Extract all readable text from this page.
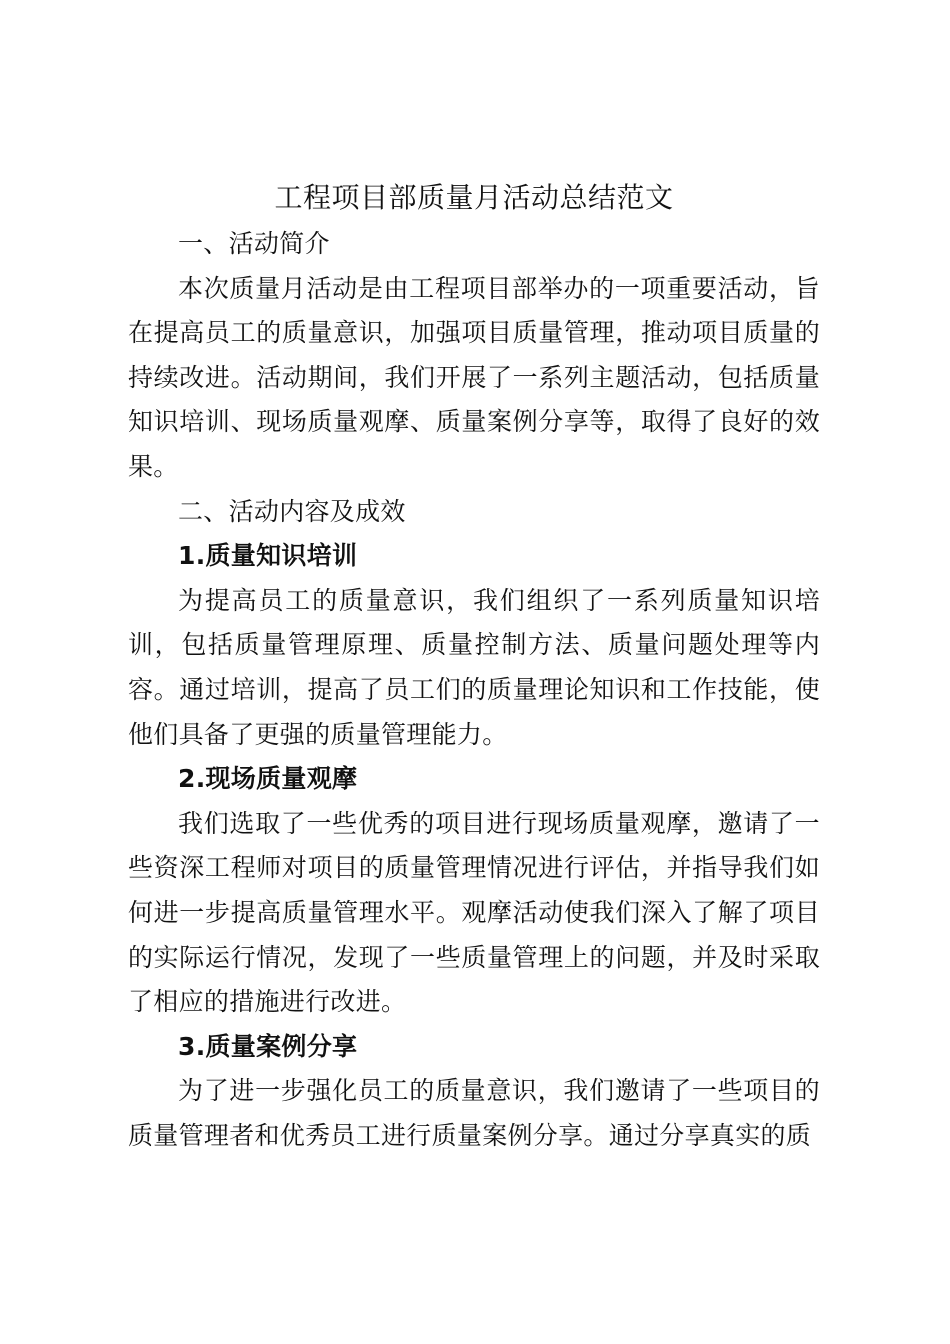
工程项目部质量月活动总结范文

一、活动简介

本次质量月活动是由工程项目部举办的一项重要活动，旨在提高员工的质量意识，加强项目质量管理，推动项目质量的持续改进。活动期间，我们开展了一系列主题活动，包括质量知识培训、现场质量观摩、质量案例分享等，取得了良好的效果。

二、活动内容及成效

1.质量知识培训

为提高员工的质量意识，我们组织了一系列质量知识培训，包括质量管理原理、质量控制方法、质量问题处理等内容。通过培训，提高了员工们的质量理论知识和工作技能，使他们具备了更强的质量管理能力。

2.现场质量观摩

我们选取了一些优秀的项目进行现场质量观摩，邀请了一些资深工程师对项目的质量管理情况进行评估，并指导我们如何进一步提高质量管理水平。观摩活动使我们深入了解了项目的实际运行情况，发现了一些质量管理上的问题，并及时采取了相应的措施进行改进。

3.质量案例分享

为了进一步强化员工的质量意识，我们邀请了一些项目的质量管理者和优秀员工进行质量案例分享。通过分享真实的质
